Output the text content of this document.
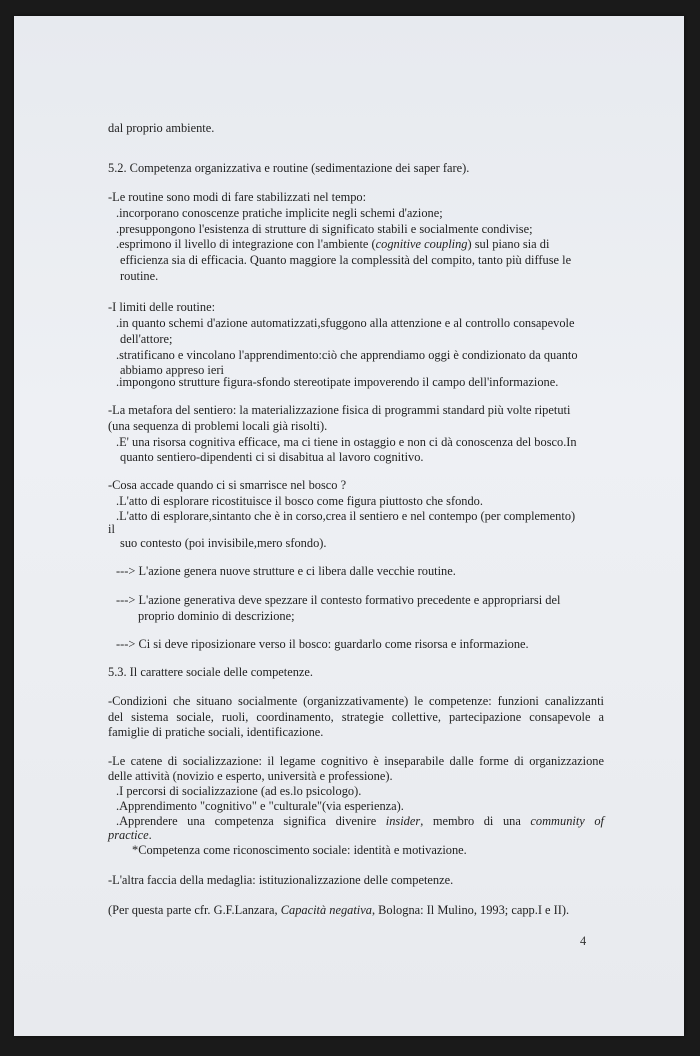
dal proprio ambiente.
5.2. Competenza organizzativa e routine (sedimentazione dei saper fare).
-Le routine sono modi di fare stabilizzati nel tempo:
.incorporano conoscenze pratiche implicite negli schemi d'azione;
.presuppongono l'esistenza di strutture di significato stabili e socialmente condivise;
.esprimono il livello di integrazione con l'ambiente (cognitive coupling) sul piano sia di
efficienza sia di efficacia. Quanto maggiore la complessità del compito, tanto più diffuse le
routine.
-I limiti delle routine:
.in quanto schemi d'azione automatizzati,sfuggono alla attenzione e al controllo consapevole
dell'attore;
.stratificano e vincolano l'apprendimento:ciò che apprendiamo oggi è condizionato da quanto
abbiamo appreso ieri
.impongono strutture figura-sfondo stereotipate impoverendo il campo dell'informazione.
-La metafora del sentiero: la materializzazione fisica di programmi standard più volte ripetuti
(una sequenza di problemi locali già risolti).
.E' una risorsa cognitiva efficace, ma ci tiene in ostaggio e non ci dà conoscenza del bosco.In
quanto sentiero-dipendenti ci si disabitua al lavoro cognitivo.
-Cosa accade quando ci si smarrisce nel bosco ?
.L'atto di esplorare ricostituisce il bosco come figura piuttosto che sfondo.
.L'atto di esplorare,sintanto che è in corso,crea il sentiero e nel contempo (per complemento)
il
suo contesto (poi invisibile,mero sfondo).
---> L'azione genera nuove strutture e ci libera dalle vecchie routine.
---> L'azione generativa deve spezzare il contesto formativo precedente e appropriarsi del
proprio dominio di descrizione;
---> Ci si deve riposizionare verso il bosco: guardarlo come risorsa e informazione.
5.3. Il carattere sociale delle competenze.
-Condizioni che situano socialmente (organizzativamente) le competenze: funzioni canalizzanti
del sistema sociale, ruoli, coordinamento, strategie collettive, partecipazione consapevole a
famiglie di pratiche sociali, identificazione.
-Le catene di socializzazione: il legame cognitivo è inseparabile dalle forme di organizzazione
delle attività (novizio e esperto, università e professione).
.I percorsi di socializzazione (ad es.lo psicologo).
.Apprendimento "cognitivo" e "culturale"(via esperienza).
.Apprendere una competenza significa divenire insider, membro di una community of
practice.
*Competenza come riconoscimento sociale: identità e motivazione.
-L'altra faccia della medaglia: istituzionalizzazione delle competenze.
(Per questa parte cfr. G.F.Lanzara, Capacità negativa, Bologna: Il Mulino, 1993; capp.I e II).
4
